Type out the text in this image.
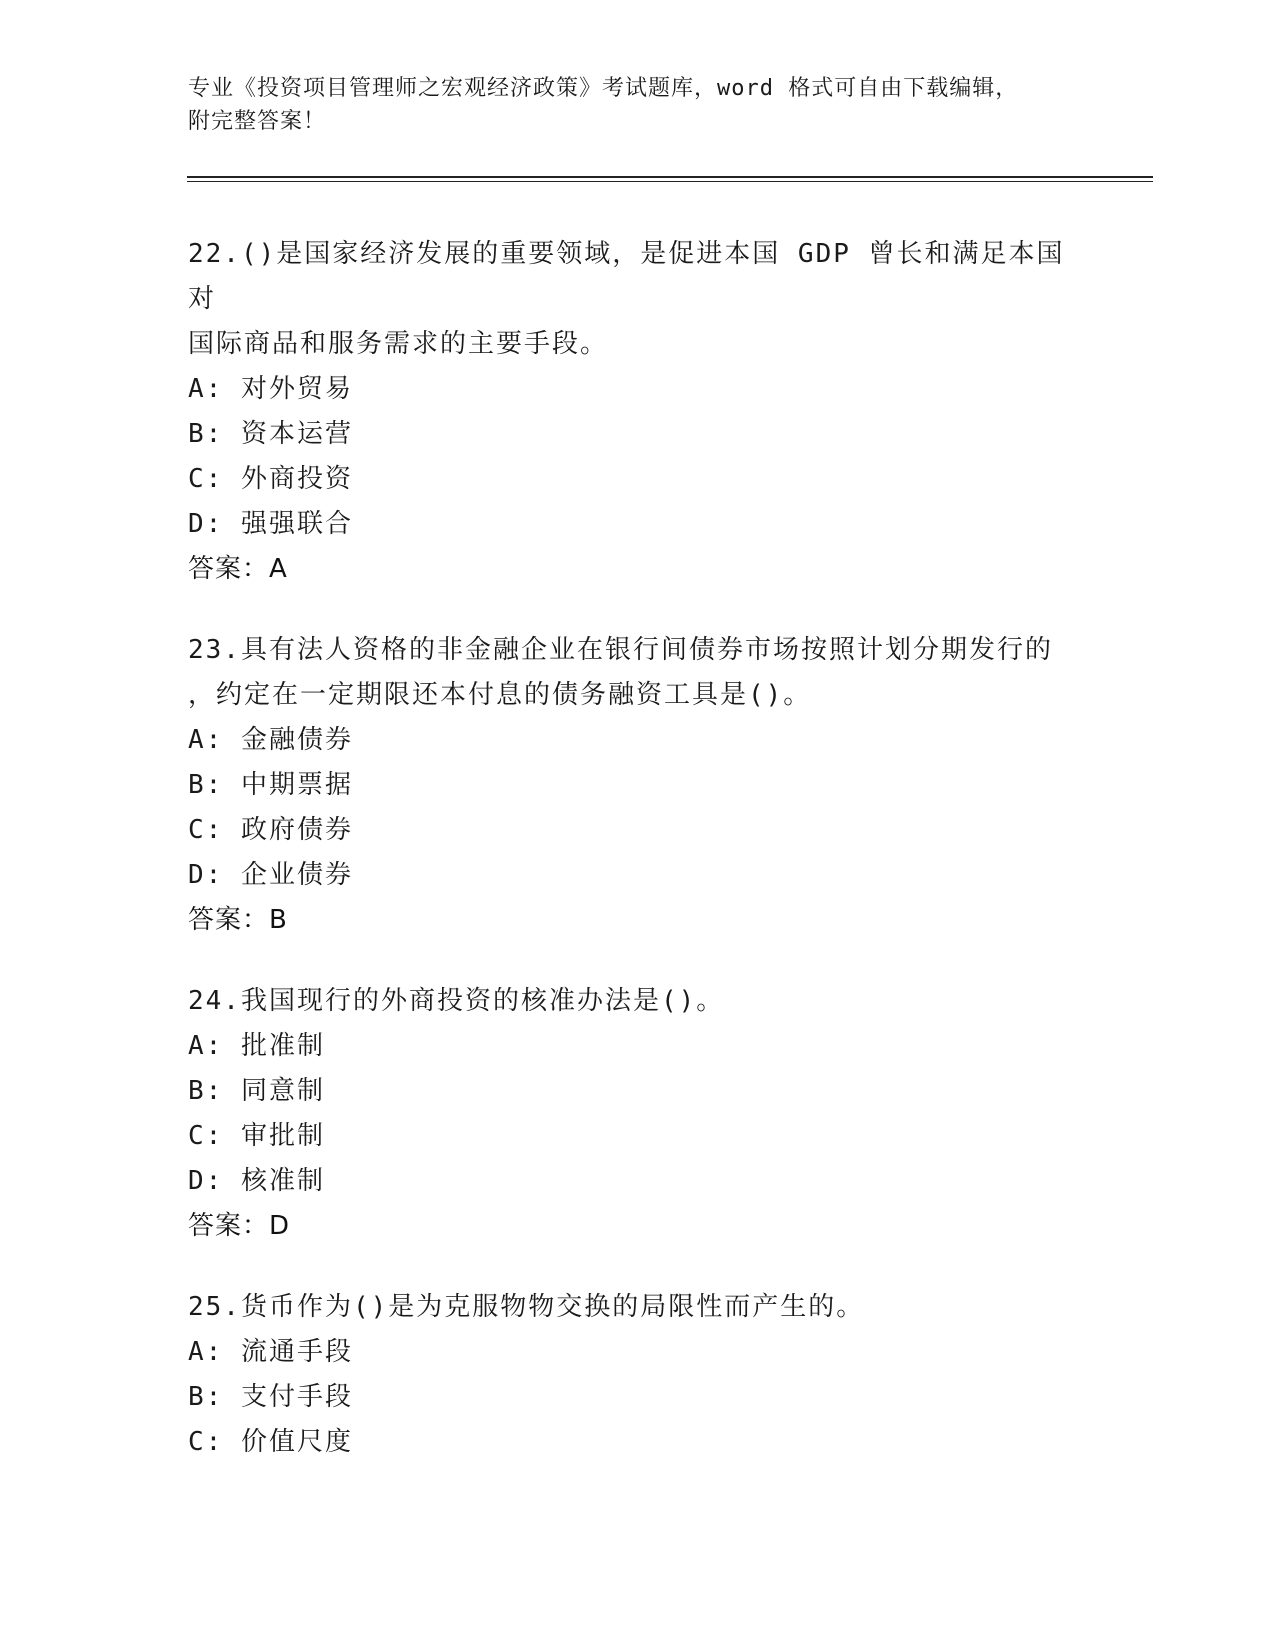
专业《投资项目管理师之宏观经济政策》考试题库，word 格式可自由下载编辑，
附完整答案！
22.()是国家经济发展的重要领域，是促进本国 GDP 曾长和满足本国对
国际商品和服务需求的主要手段。
A: 对外贸易
B: 资本运营
C: 外商投资
D: 强强联合
答案：A
23.具有法人资格的非金融企业在银行间债券市场按照计划分期发行的
，约定在一定期限还本付息的债务融资工具是()。
A: 金融债券
B: 中期票据
C: 政府债券
D: 企业债券
答案：B
24.我国现行的外商投资的核准办法是()。
A: 批准制
B: 同意制
C: 审批制
D: 核准制
答案：D
25.货币作为()是为克服物物交换的局限性而产生的。
A: 流通手段
B: 支付手段
C: 价值尺度
